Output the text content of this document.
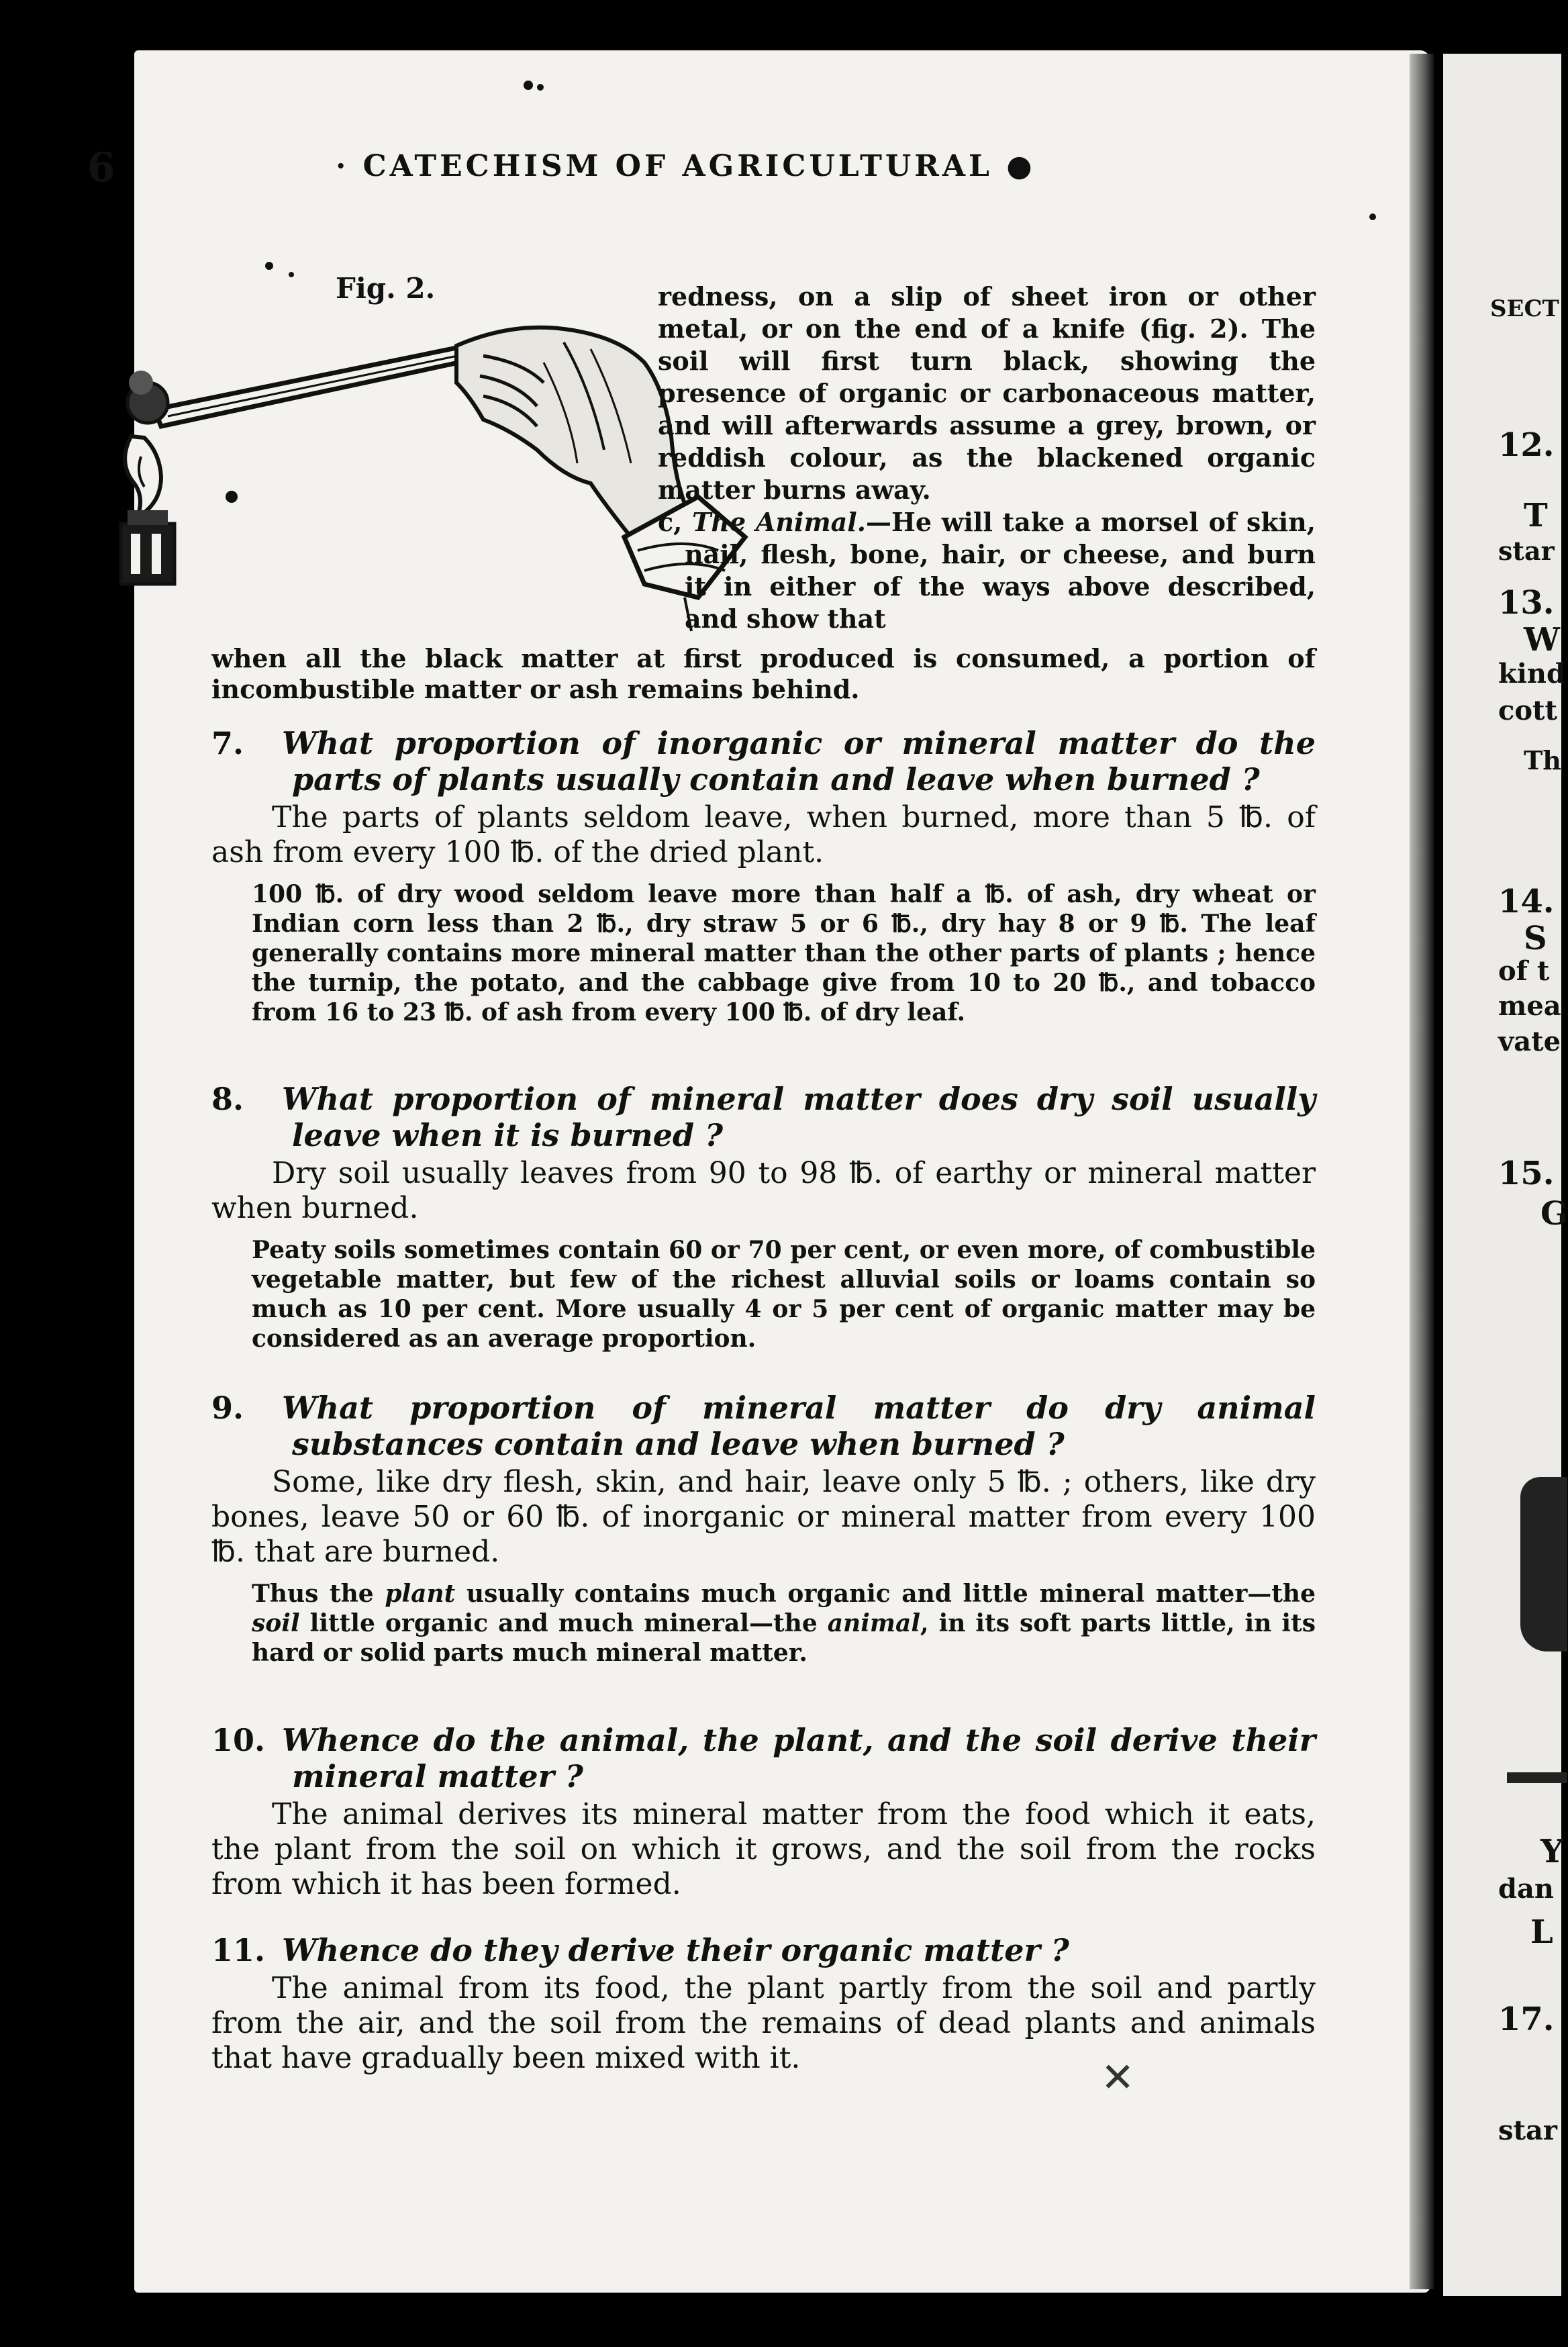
SECT
12.
T
star
13.
W
kind
cott
Th
14.
S
of t
mea
vate
15.
G
Y
dan
L
17.
star
6	· CATECHISM OF AGRICULTURAL ●
Fig. 2.	redness, on a slip of sheet iron or other metal, or on the end of a knife (fig. 2). The soil will first turn black, showing the presence of organic or carbonaceous matter, and will afterwards assume a grey, brown, or reddish colour, as the blackened organic matter burns away.

c, The Animal.—He will take a morsel of skin, nail, flesh, bone, hair, or cheese, and burn it in either of the ways above described, and show that

when all the black matter at first produced is consumed, a portion of incombustible matter or ash remains behind.
7. What proportion of inorganic or mineral matter do the parts of plants usually contain and leave when burned ?

The parts of plants seldom leave, when burned, more than 5 ℔. of ash from every 100 ℔. of the dried plant.

100 ℔. of dry wood seldom leave more than half a ℔. of ash, dry wheat or Indian corn less than 2 ℔., dry straw 5 or 6 ℔., dry hay 8 or 9 ℔. The leaf generally contains more mineral matter than the other parts of plants ; hence the turnip, the potato, and the cabbage give from 10 to 20 ℔., and tobacco from 16 to 23 ℔. of ash from every 100 ℔. of dry leaf.

8. What proportion of mineral matter does dry soil usually leave when it is burned ?

Dry soil usually leaves from 90 to 98 ℔. of earthy or mineral matter when burned.

Peaty soils sometimes contain 60 or 70 per cent, or even more, of combustible vegetable matter, but few of the richest alluvial soils or loams contain so much as 10 per cent. More usually 4 or 5 per cent of organic matter may be considered as an average proportion.

9. What proportion of mineral matter do dry animal substances contain and leave when burned ?

Some, like dry flesh, skin, and hair, leave only 5 ℔. ; others, like dry bones, leave 50 or 60 ℔. of inorganic or mineral matter from every 100 ℔. that are burned.

Thus the plant usually contains much organic and little mineral matter—the soil little organic and much mineral—the animal, in its soft parts little, in its hard or solid parts much mineral matter.

10. Whence do the animal, the plant, and the soil derive their mineral matter ?

The animal derives its mineral matter from the food which it eats, the plant from the soil on which it grows, and the soil from the rocks from which it has been formed.

11. Whence do they derive their organic matter ?

The animal from its food, the plant partly from the soil and partly from the air, and the soil from the remains of dead plants and animals that have gradually been mixed with it.	✕
